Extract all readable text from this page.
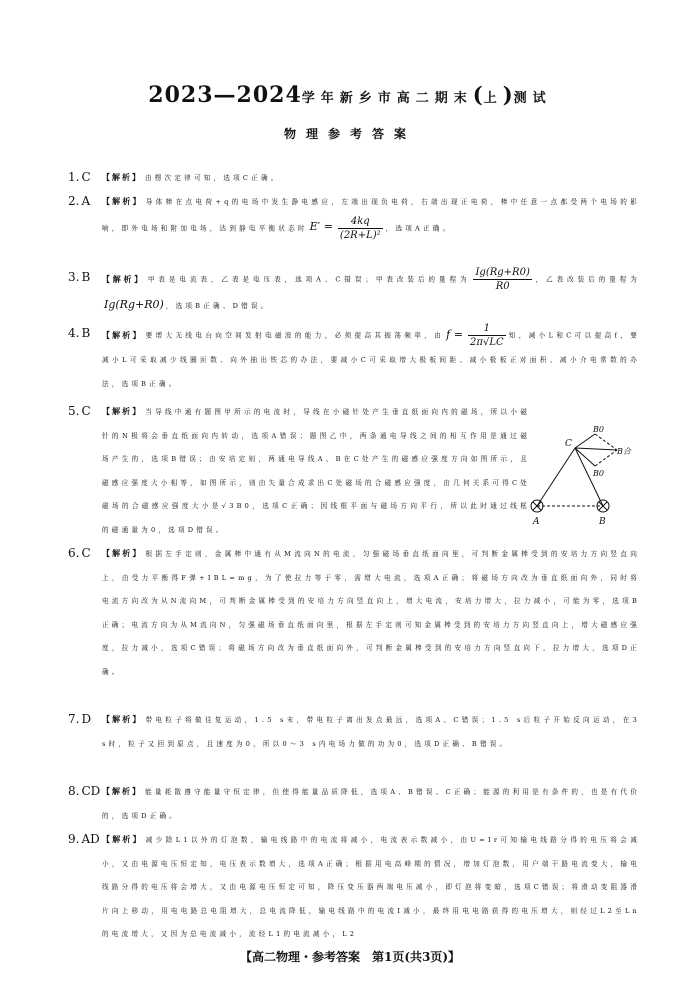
2023—2024学年新乡市高二期末(上)测试
物理参考答案
1. C	【解析】 由楞次定律可知，选项C正确。
2. A	【解析】 导体棒在点电荷+q的电场中发生静电感应，左端出现负电荷，右端出现正电荷，棒中任意一点都受两个电场的影响，即外电场和附加电场，达到静电平衡状态时 $E' = \frac{4kq}{\text{(2R+L)²}}$ ，选项A正确。
3. B	【解析】 甲表是电流表，乙表是电压表，选项A、C错误；甲表改装后的量程为 $\frac{Ig(Rg+R0)}{R0}$ ，乙表改装后的量程为Ig(Rg+R0) ，选项B正确、D错误。
4. B	【解析】 要增大无线电台向空间发射电磁波的能力，必须提高其振荡频率，由 $f = \frac{1}{2\pi√LC}$ 知，减小L和C可以提高f，要减小L可采取减少线圈匝数、向外抽出铁芯的办法，要减小C可采取增大极板间距、减小极板正对面积、减小介电常数的办法，选项B正确。
5. C	【解析】 当导线中通有题图甲所示的电流时，导线在小磁针处产生垂直纸面向内的磁场，所以小磁针的N极将会垂直纸面向内转动，选项A错误；题图乙中，两条通电导线之间的相互作用是通过磁场产生的，选项B错误；由安培定则，两通电导线A、B在C处产生的磁感应强度方向如图所示，且磁感应强度大小相等，如图所示，则由矢量合成求出C处磁场的合磁感应强度，由几何关系可得C处磁场的合磁感应强度大小是√3B0，选项C正确；因线框平面与磁场方向平行，所以此时通过线框的磁通量为0，选项D错误。
6. C	【解析】 根据左手定则，金属棒中通有从M流向N的电流，匀强磁场垂直纸面向里，可判断金属棒受到的安培力方向竖直向上，由受力平衡得F弹+IBL=mg，为了使拉力等于零，需增大电流，选项A正确；将磁场方向改为垂直纸面向外，同时将电流方向改为从N流向M，可判断金属棒受到的安培力方向竖直向上，增大电流，安培力增大，拉力减小，可能为零，选项B正确；电流方向为从M流向N，匀强磁场垂直纸面向里，根据左手定则可知金属棒受到的安培力方向竖直向上，增大磁感应强度，拉力减小，选项C错误；将磁场方向改为垂直纸面向外，可判断金属棒受到的安培力方向竖直向下，拉力增大，选项D正确。
7. D	【解析】 带电粒子将做往复运动，1.5 s末，带电粒子离出发点最远，选项A、C错误；1.5 s后粒子开始反向运动，在3 s时，粒子又回到原点，且速度为0，所以0～3 s内电场力做的功为0，选项D正确、B错误。
8. CD 【解析】 能量耗散遵守能量守恒定律，但使得能量品质降低，选项A、B错误、C正确；能源的利用是有条件的，也是有代价的，选项D正确。
9. AD 【解析】 减少除L1以外的灯泡数，输电线路中的电流将减小，电流表示数减小，由U=Ir可知输电线路分得的电压将会减小，又由电源电压恒定知，电压表示数增大，选项A正确；根据用电高峰期的情况，增加灯泡数，用户端干路电流变大，输电线路分得的电压将会增大，又由电源电压恒定可知，降压变压器两端电压减小，即灯泡将变暗，选项C错误；将滑动变阻器滑片向上移动，用电电路总电阻增大，总电流降低，输电线路中的电流I减小，最终用电电路获得的电压增大，则经过L2至Ln的电流增大，又因为总电流减小，流经L1的电流减小，L2
C
A	B
B0
B0
B合
【高二物理・参考答案　第1页(共3页)】
